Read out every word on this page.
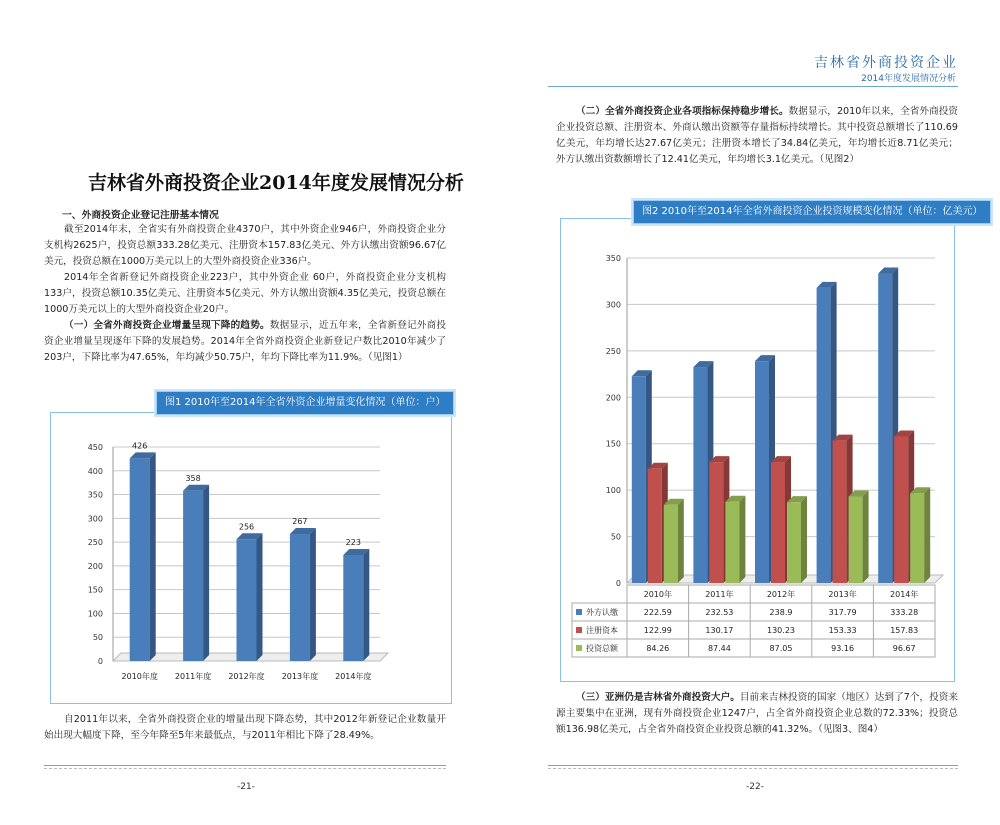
吉林省外商投资企业
2014年度发展情况分析
吉林省外商投资企业2014年度发展情况分析
一、外商投资企业登记注册基本情况
截至2014年末，全省实有外商投资企业4370户，其中外资企业946户，外商投资企业分支机构2625户，投资总额333.28亿美元、注册资本157.83亿美元、外方认缴出资额96.67亿美元，投资总额在1000万美元以上的大型外商投资企业336户。
2014年全省新登记外商投资企业223户，其中外资企业 60户，外商投资企业分支机构133户，投资总额10.35亿美元、注册资本5亿美元、外方认缴出资额4.35亿美元，投资总额在1000万美元以上的大型外商投资企业20户。
（一）全省外商投资企业增量呈现下降的趋势。数据显示，近五年来，全省新登记外商投资企业增量呈现逐年下降的发展趋势。2014年全省外商投资企业新登记户数比2010年减少了203户，下降比率为47.65%，年均减少50.75户，年均下降比率为11.9%。（见图1）
图1 2010年至2014年全省外资企业增量变化情况（单位：户）
0
50
100
150
200
250
300
350
400
450	426
2010年度
358
2011年度
256
2012年度
267
2013年度
223
2014年度
自2011年以来，全省外商投资企业的增量出现下降态势，其中2012年新登记企业数量开始出现大幅度下降，至今年降至5年来最低点，与2011年相比下降了28.49%。
-21-
（二）全省外商投资企业各项指标保持稳步增长。数据显示，2010年以来，全省外商投资企业投资总额、注册资本、外商认缴出资额等存量指标持续增长。其中投资总额增长了110.69亿美元，年均增长达27.67亿美元；注册资本增长了34.84亿美元，年均增长近8.71亿美元；外方认缴出资数额增长了12.41亿美元，年均增长3.1亿美元。（见图2）
图2 2010年至2014年全省外商投资企业投资规模变化情况（单位：亿美元）
0
50
100
150
200
250
300
350
2010年	2011年	2012年	2013年	2014年
外方认缴	222.59	232.53	238.9	317.79	333.28
注册资本	122.99	130.17	130.23	153.33	157.83
投资总额	84.26	87.44	87.05	93.16	96.67
（三）亚洲仍是吉林省外商投资大户。目前来吉林投资的国家（地区）达到了7个，投资来源主要集中在亚洲，现有外商投资企业1247户，占全省外商投资企业总数的72.33%；投资总额136.98亿美元，占全省外商投资企业投资总额的41.32%。（见图3、图4）
-22-
